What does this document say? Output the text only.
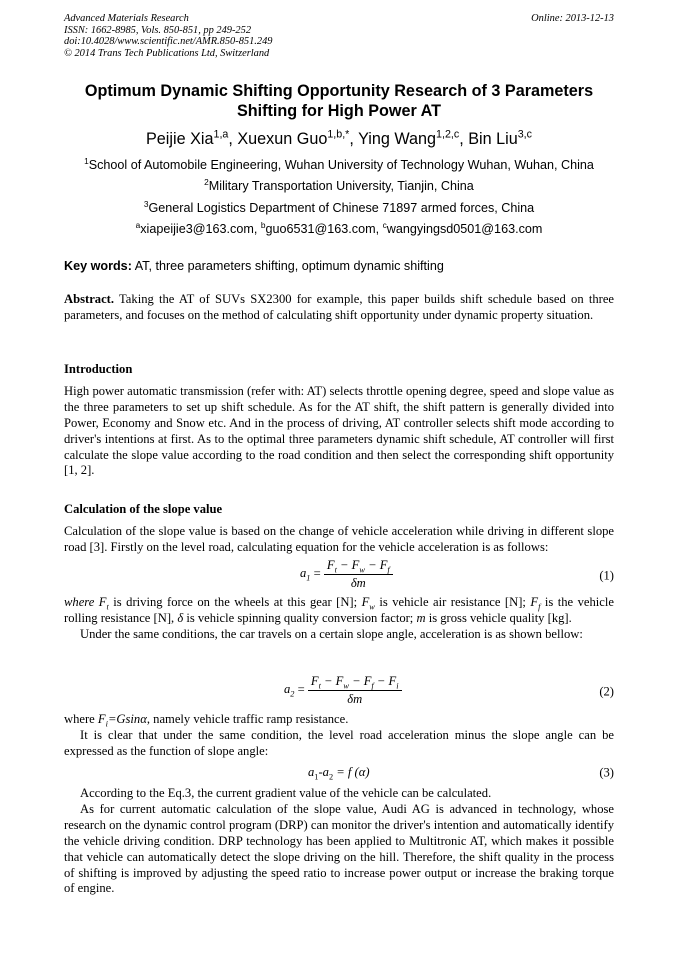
Advanced Materials Research
ISSN: 1662-8985, Vols. 850-851, pp 249-252
doi:10.4028/www.scientific.net/AMR.850-851.249
© 2014 Trans Tech Publications Ltd, Switzerland
Online: 2013-12-13
Optimum Dynamic Shifting Opportunity Research of 3 Parameters
Shifting for High Power AT
Peijie Xia$^{1,a}$, Xuexun Guo$^{1,b,*}$, Ying Wang$^{1,2,c}$, Bin Liu$^{3,c}$
$^1$School of Automobile Engineering, Wuhan University of Technology Wuhan, Wuhan, China
$^2$Military Transportation University, Tianjin, China
$^3$General Logistics Department of Chinese 71897 armed forces, China
$^a$xiapeijie3@163.com, $^b$guo6531@163.com, $^c$wangyingsd0501@163.com
Key words: AT, three parameters shifting, optimum dynamic shifting

Abstract. Taking the AT of SUVs SX2300 for example, this paper builds shift schedule based on three parameters, and focuses on the method of calculating shift opportunity under dynamic property situation.

Introduction

High power automatic transmission (refer with: AT) selects throttle opening degree, speed and slope value as the three parameters to set up shift schedule. As for the AT shift, the shift pattern is generally divided into Power, Economy and Snow etc. And in the process of driving, AT controller selects shift mode according to driver's intentions at first. As to the optimal three parameters dynamic shift schedule, AT controller will first calculate the slope value according to the road condition and then select the corresponding shift opportunity [1, 2].

Calculation of the slope value

Calculation of the slope value is based on the change of vehicle acceleration while driving in different slope road [3]. Firstly on the level road, calculating equation for the vehicle acceleration is as follows:

$a_1 = \frac{F_t - F_w - F_f}{\delta m}$	(1)

where $F_t$ is driving force on the wheels at this gear [N]; $F_w$ is vehicle air resistance [N]; $F_f$ is the vehicle rolling resistance [N], δ is vehicle spinning quality conversion factor; m is gross vehicle quality [kg].

Under the same conditions, the car travels on a certain slope angle, acceleration is as shown bellow:

$a_2 = \frac{F_t - F_w - F_f - F_i}{\delta m}$	(2)

where $F_i=Gsin\alpha$, namely vehicle traffic ramp resistance.

It is clear that under the same condition, the level road acceleration minus the slope angle can be expressed as the function of slope angle:

$a_1-a_2 = f$ (α)	(3)

According to the Eq.3, the current gradient value of the vehicle can be calculated.

As for current automatic calculation of the slope value, Audi AG is advanced in technology, whose research on the dynamic control program (DRP) can monitor the driver's intention and automatically identify the vehicle driving condition. DRP technology has been applied to Multitronic AT, which makes it possible that vehicle can automatically detect the slope driving on the hill. Therefore, the shift quality in the process of shifting is improved by adjusting the speed ratio to increase power output or increase the braking torque of engine.
